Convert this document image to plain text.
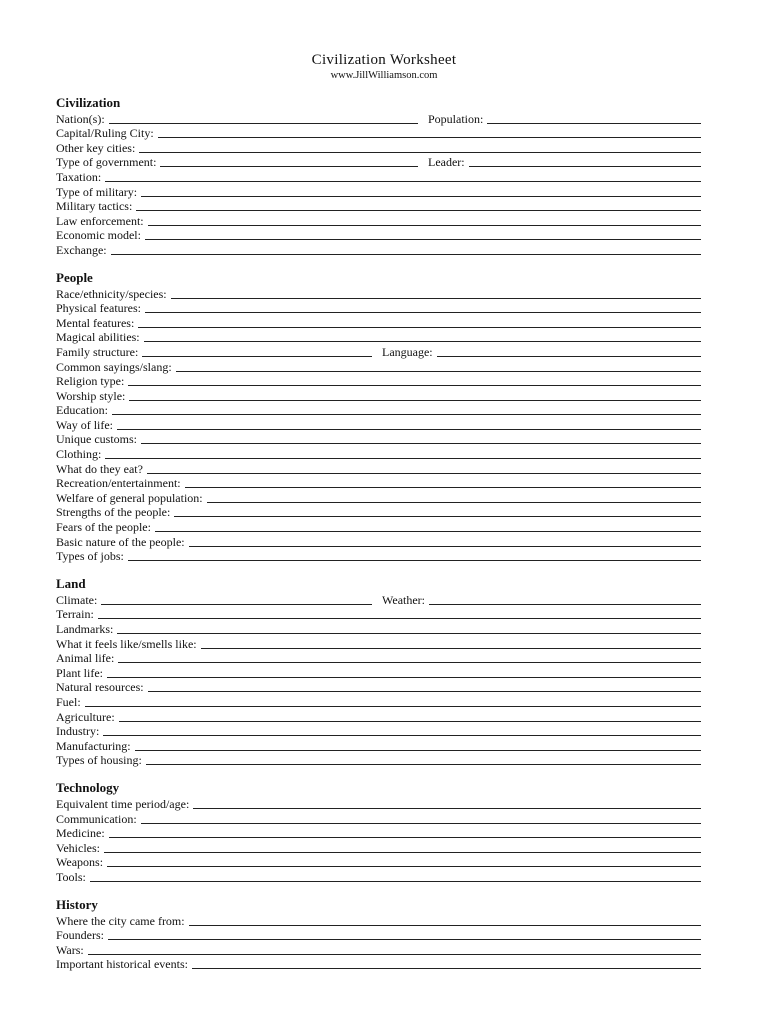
Civilization Worksheet
www.JillWilliamson.com
Civilization
Nation(s):	Population:
Capital/Ruling City:
Other key cities:
Type of government:	Leader:
Taxation:
Type of military:
Military tactics:
Law enforcement:
Economic model:
Exchange:
People
Race/ethnicity/species:
Physical features:
Mental features:
Magical abilities:
Family structure:	Language:
Common sayings/slang:
Religion type:
Worship style:
Education:
Way of life:
Unique customs:
Clothing:
What do they eat?
Recreation/entertainment:
Welfare of general population:
Strengths of the people:
Fears of the people:
Basic nature of the people:
Types of jobs:
Land
Climate:	Weather:
Terrain:
Landmarks:
What it feels like/smells like:
Animal life:
Plant life:
Natural resources:
Fuel:
Agriculture:
Industry:
Manufacturing:
Types of housing:
Technology
Equivalent time period/age:
Communication:
Medicine:
Vehicles:
Weapons:
Tools:
History
Where the city came from:
Founders:
Wars:
Important historical events:
